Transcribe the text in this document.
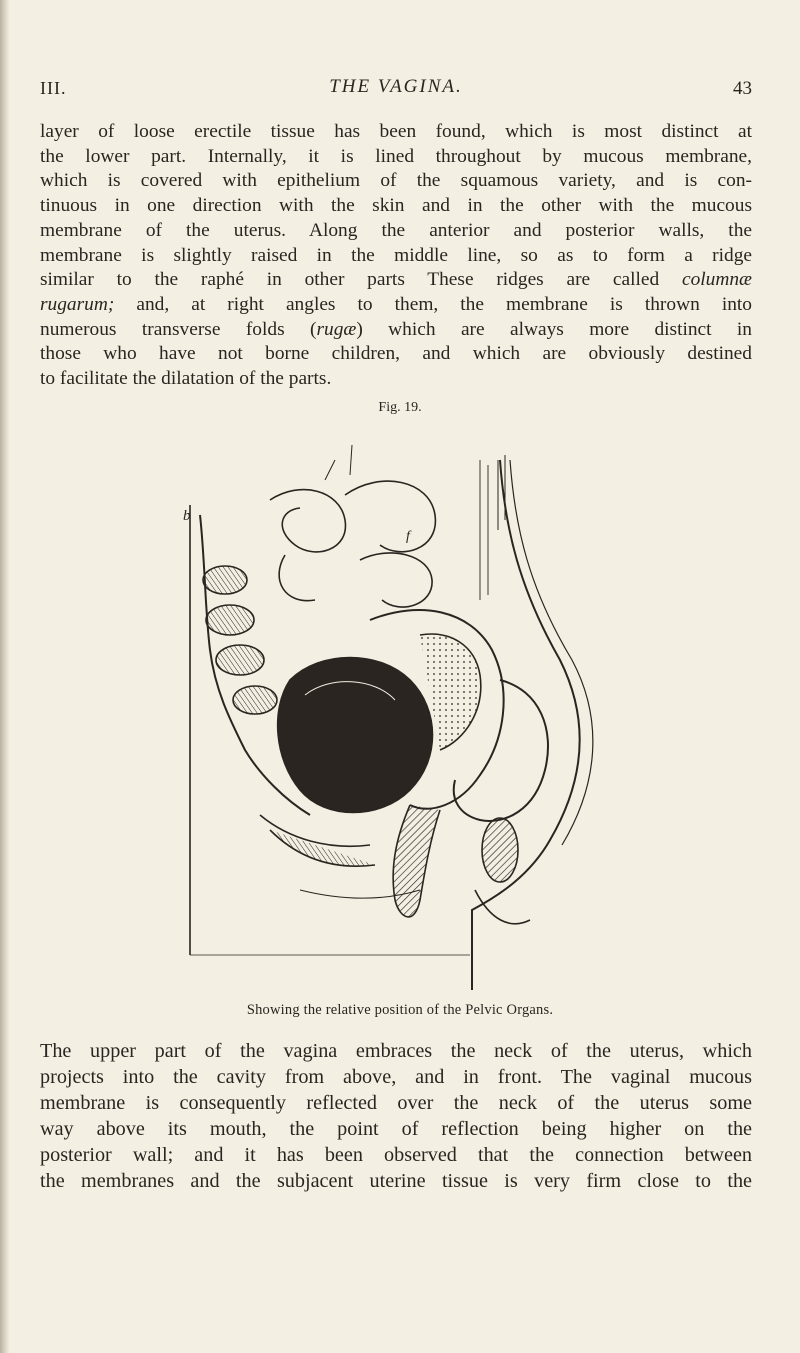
III.	THE VAGINA.	43

layer of loose erectile tissue has been found, which is most distinct at
the lower part. Internally, it is lined throughout by mucous membrane,
which is covered with epithelium of the squamous variety, and is con-
tinuous in one direction with the skin and in the other with the mucous
membrane of the uterus. Along the anterior and posterior walls, the
membrane is slightly raised in the middle line, so as to form a ridge
similar to the raphé in other parts These ridges are called columnæ
rugarum; and, at right angles to them, the membrane is thrown into
numerous transverse folds (rugæ) which are always more distinct in
those who have not borne children, and which are obviously destined
to facilitate the dilatation of the parts.

Fig. 19.
b
f
Showing the relative position of the Pelvic Organs.

The upper part of the vagina embraces the neck of the uterus, which
projects into the cavity from above, and in front. The vaginal mucous
membrane is consequently reflected over the neck of the uterus some
way above its mouth, the point of reflection being higher on the
posterior wall; and it has been observed that the connection between
the membranes and the subjacent uterine tissue is very firm close to the
